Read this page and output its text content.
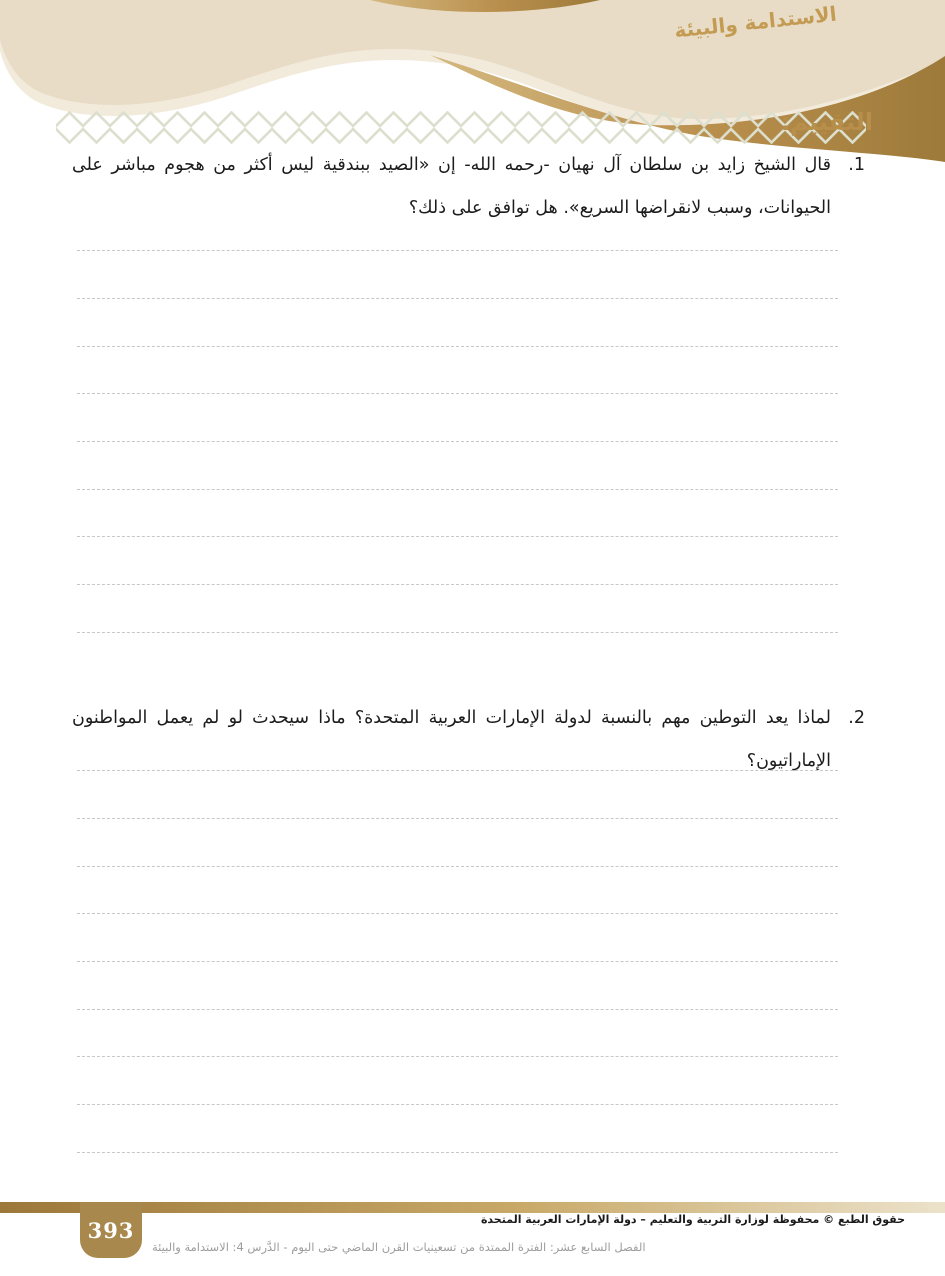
الاستدامة والبيئة
التقييم:
1.

قال الشيخ زايد بن سلطان آل نهيان -رحمه الله- إن «الصيد ببندقية ليس أكثر من هجوم مباشر على الحيوانات، وسبب لانقراضها السريع». هل توافق على ذلك؟

2.

لماذا يعد التوطين مهم بالنسبة لدولة الإمارات العربية المتحدة؟ ماذا سيحدث لو لم يعمل المواطنون الإماراتيون؟

393	حقوق الطبع © محفوظة لوزارة التربية والتعليم – دولة الإمارات العربية المتحدة
الفصل السابع عشر: الفترة الممتدة من تسعينيات القرن الماضي حتى اليوم - الدَّرس 4: الاستدامة والبيئة
